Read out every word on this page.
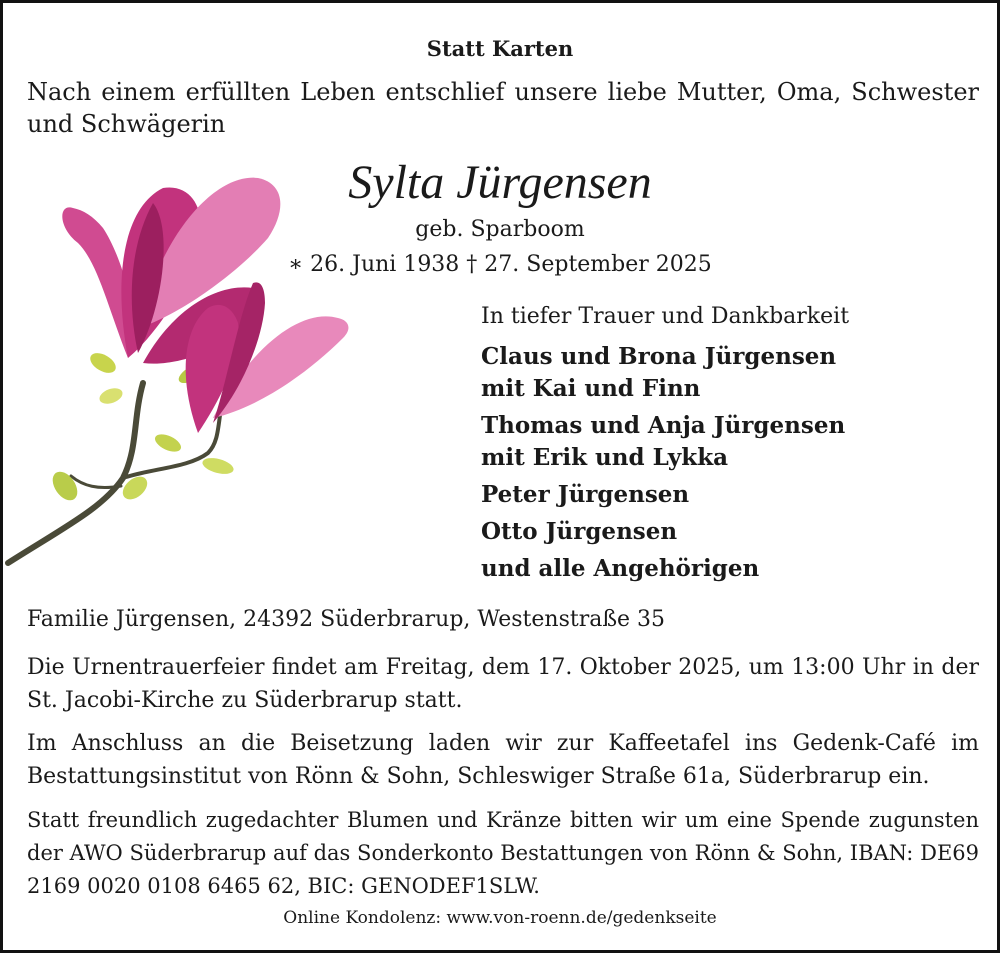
Statt Karten
Nach einem erfüllten Leben entschlief unsere liebe Mutter, Oma, Schwester und Schwägerin
Sylta Jürgensen
geb. Sparboom
∗ 26. Juni 1938 † 27. September 2025
In tiefer Trauer und Dankbarkeit
Claus und Brona Jürgensen
mit Kai und Finn
Thomas und Anja Jürgensen
mit Erik und Lykka
Peter Jürgensen
Otto Jürgensen
und alle Angehörigen
Familie Jürgensen, 24392 Süderbrarup, Westenstraße 35
Die Urnentrauerfeier findet am Freitag, dem 17. Oktober 2025, um 13:00 Uhr in der St. Jacobi-Kirche zu Süderbrarup statt.
Im Anschluss an die Beisetzung laden wir zur Kaffeetafel ins Gedenk-Café im Bestattungsinstitut von Rönn & Sohn, Schleswiger Straße 61a, Süderbrarup ein.
Statt freundlich zugedachter Blumen und Kränze bitten wir um eine Spende zugunsten der AWO Süderbrarup auf das Sonderkonto Bestattungen von Rönn & Sohn, IBAN: DE69 2169 0020 0108 6465 62, BIC: GENODEF1SLW.
Online Kondolenz: www.von-roenn.de/gedenkseite
